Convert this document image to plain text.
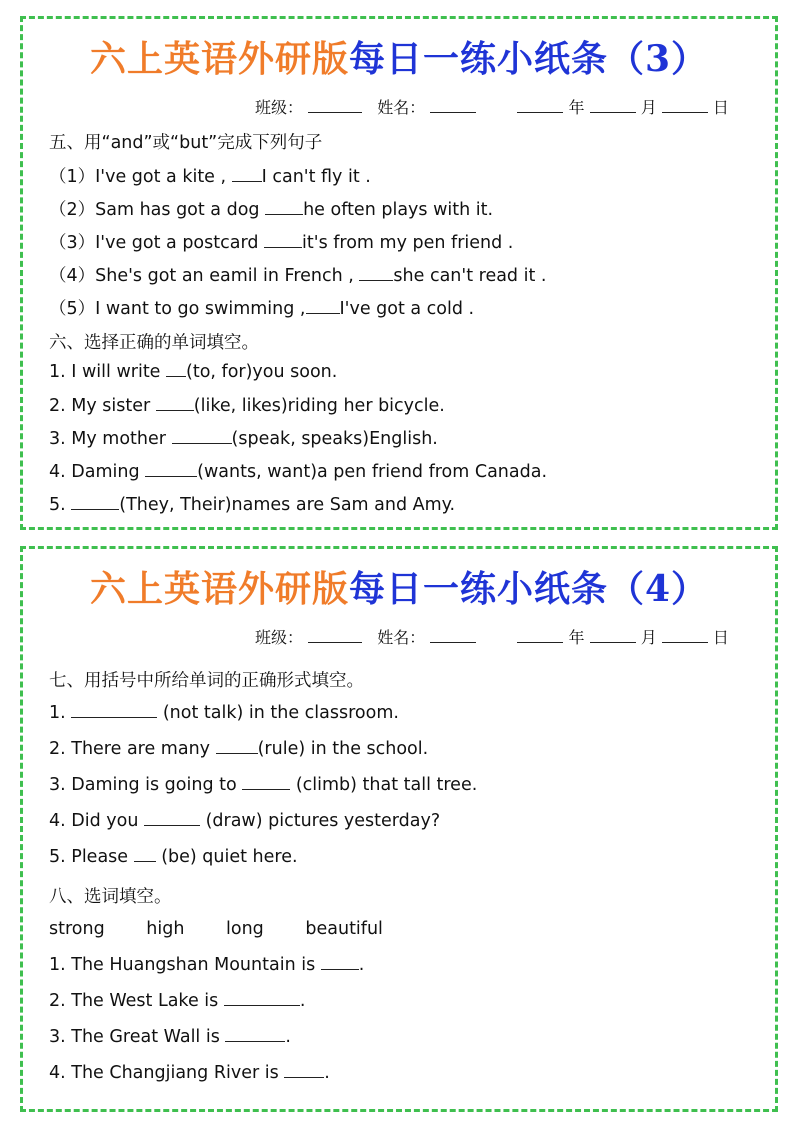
六上英语外研版每日一练小纸条（3）
班级：	姓名：	年	月	日
五、用“and”或“but”完成下列句子
（1）I've got a kite , I can't fly it .
（2）Sam has got a dog he often plays with it.
（3）I've got a postcard it's from my pen friend .
（4）She's got an eamil in French , she can't read it .
（5）I want to go swimming , I've got a cold .
六、选择正确的单词填空。
1. I will write (to, for)you soon.
2. My sister (like, likes)riding her bicycle.
3. My mother	(speak, speaks)English.
4. Daming	(wants, want)a pen friend from Canada.
5.	(They, Their)names are Sam and Amy.
六上英语外研版每日一练小纸条（4）
班级：	姓名：	年	月	日
七、用括号中所给单词的正确形式填空。
1.	(not talk) in the classroom.
2. There are many (rule) in the school.
3. Daming is going to	(climb) that tall tree.
4. Did you	(draw) pictures yesterday?
5. Please  (be) quiet here.
八、选词填空。
strong high long beautiful
1. The Huangshan Mountain is .
2. The West Lake is	.
3. The Great Wall is	.
4. The Changjiang River is .
